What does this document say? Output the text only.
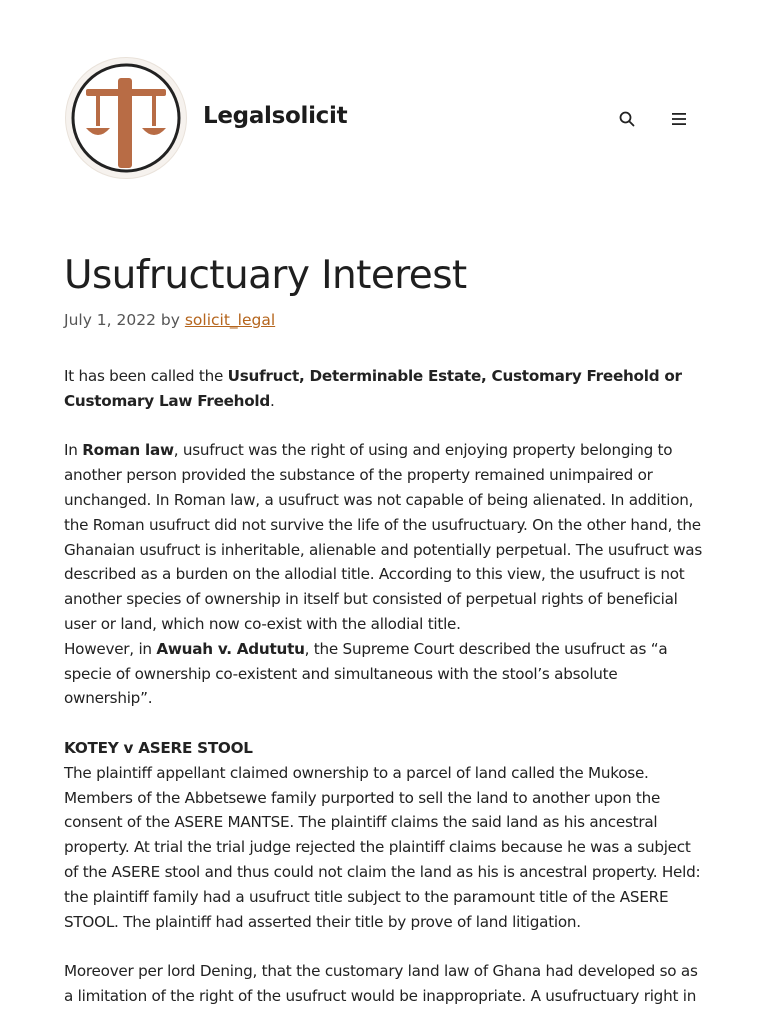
Legalsolicit
Usufructuary Interest
July 1, 2022 by solicit_legal

It has been called the Usufruct, Determinable Estate, Customary Freehold or Customary Law Freehold.

In Roman law, usufruct was the right of using and enjoying property belonging to another person provided the substance of the property remained unimpaired or unchanged. In Roman law, a usufruct was not capable of being alienated. In addition, the Roman usufruct did not survive the life of the usufructuary. On the other hand, the Ghanaian usufruct is inheritable, alienable and potentially perpetual. The usufruct was described as a burden on the allodial title. According to this view, the usufruct is not another species of ownership in itself but consisted of perpetual rights of beneficial user or land, which now co-exist with the allodial title.

However, in Awuah v. Adututu, the Supreme Court described the usufruct as “a specie of ownership co-existent and simultaneous with the stool’s absolute ownership”.

KOTEY v ASERE STOOL

The plaintiff appellant claimed ownership to a parcel of land called the Mukose. Members of the Abbetsewe family purported to sell the land to another upon the consent of the ASERE MANTSE. The plaintiff claims the said land as his ancestral property. At trial the trial judge rejected the plaintiff claims because he was a subject of the ASERE stool and thus could not claim the land as his is ancestral property. Held: the plaintiff family had a usufruct title subject to the paramount title of the ASERE STOOL. The plaintiff had asserted their title by prove of land litigation.

Moreover per lord Dening, that the customary land law of Ghana had developed so as a limitation of the right of the usufruct would be inappropriate. A usufructuary right in
